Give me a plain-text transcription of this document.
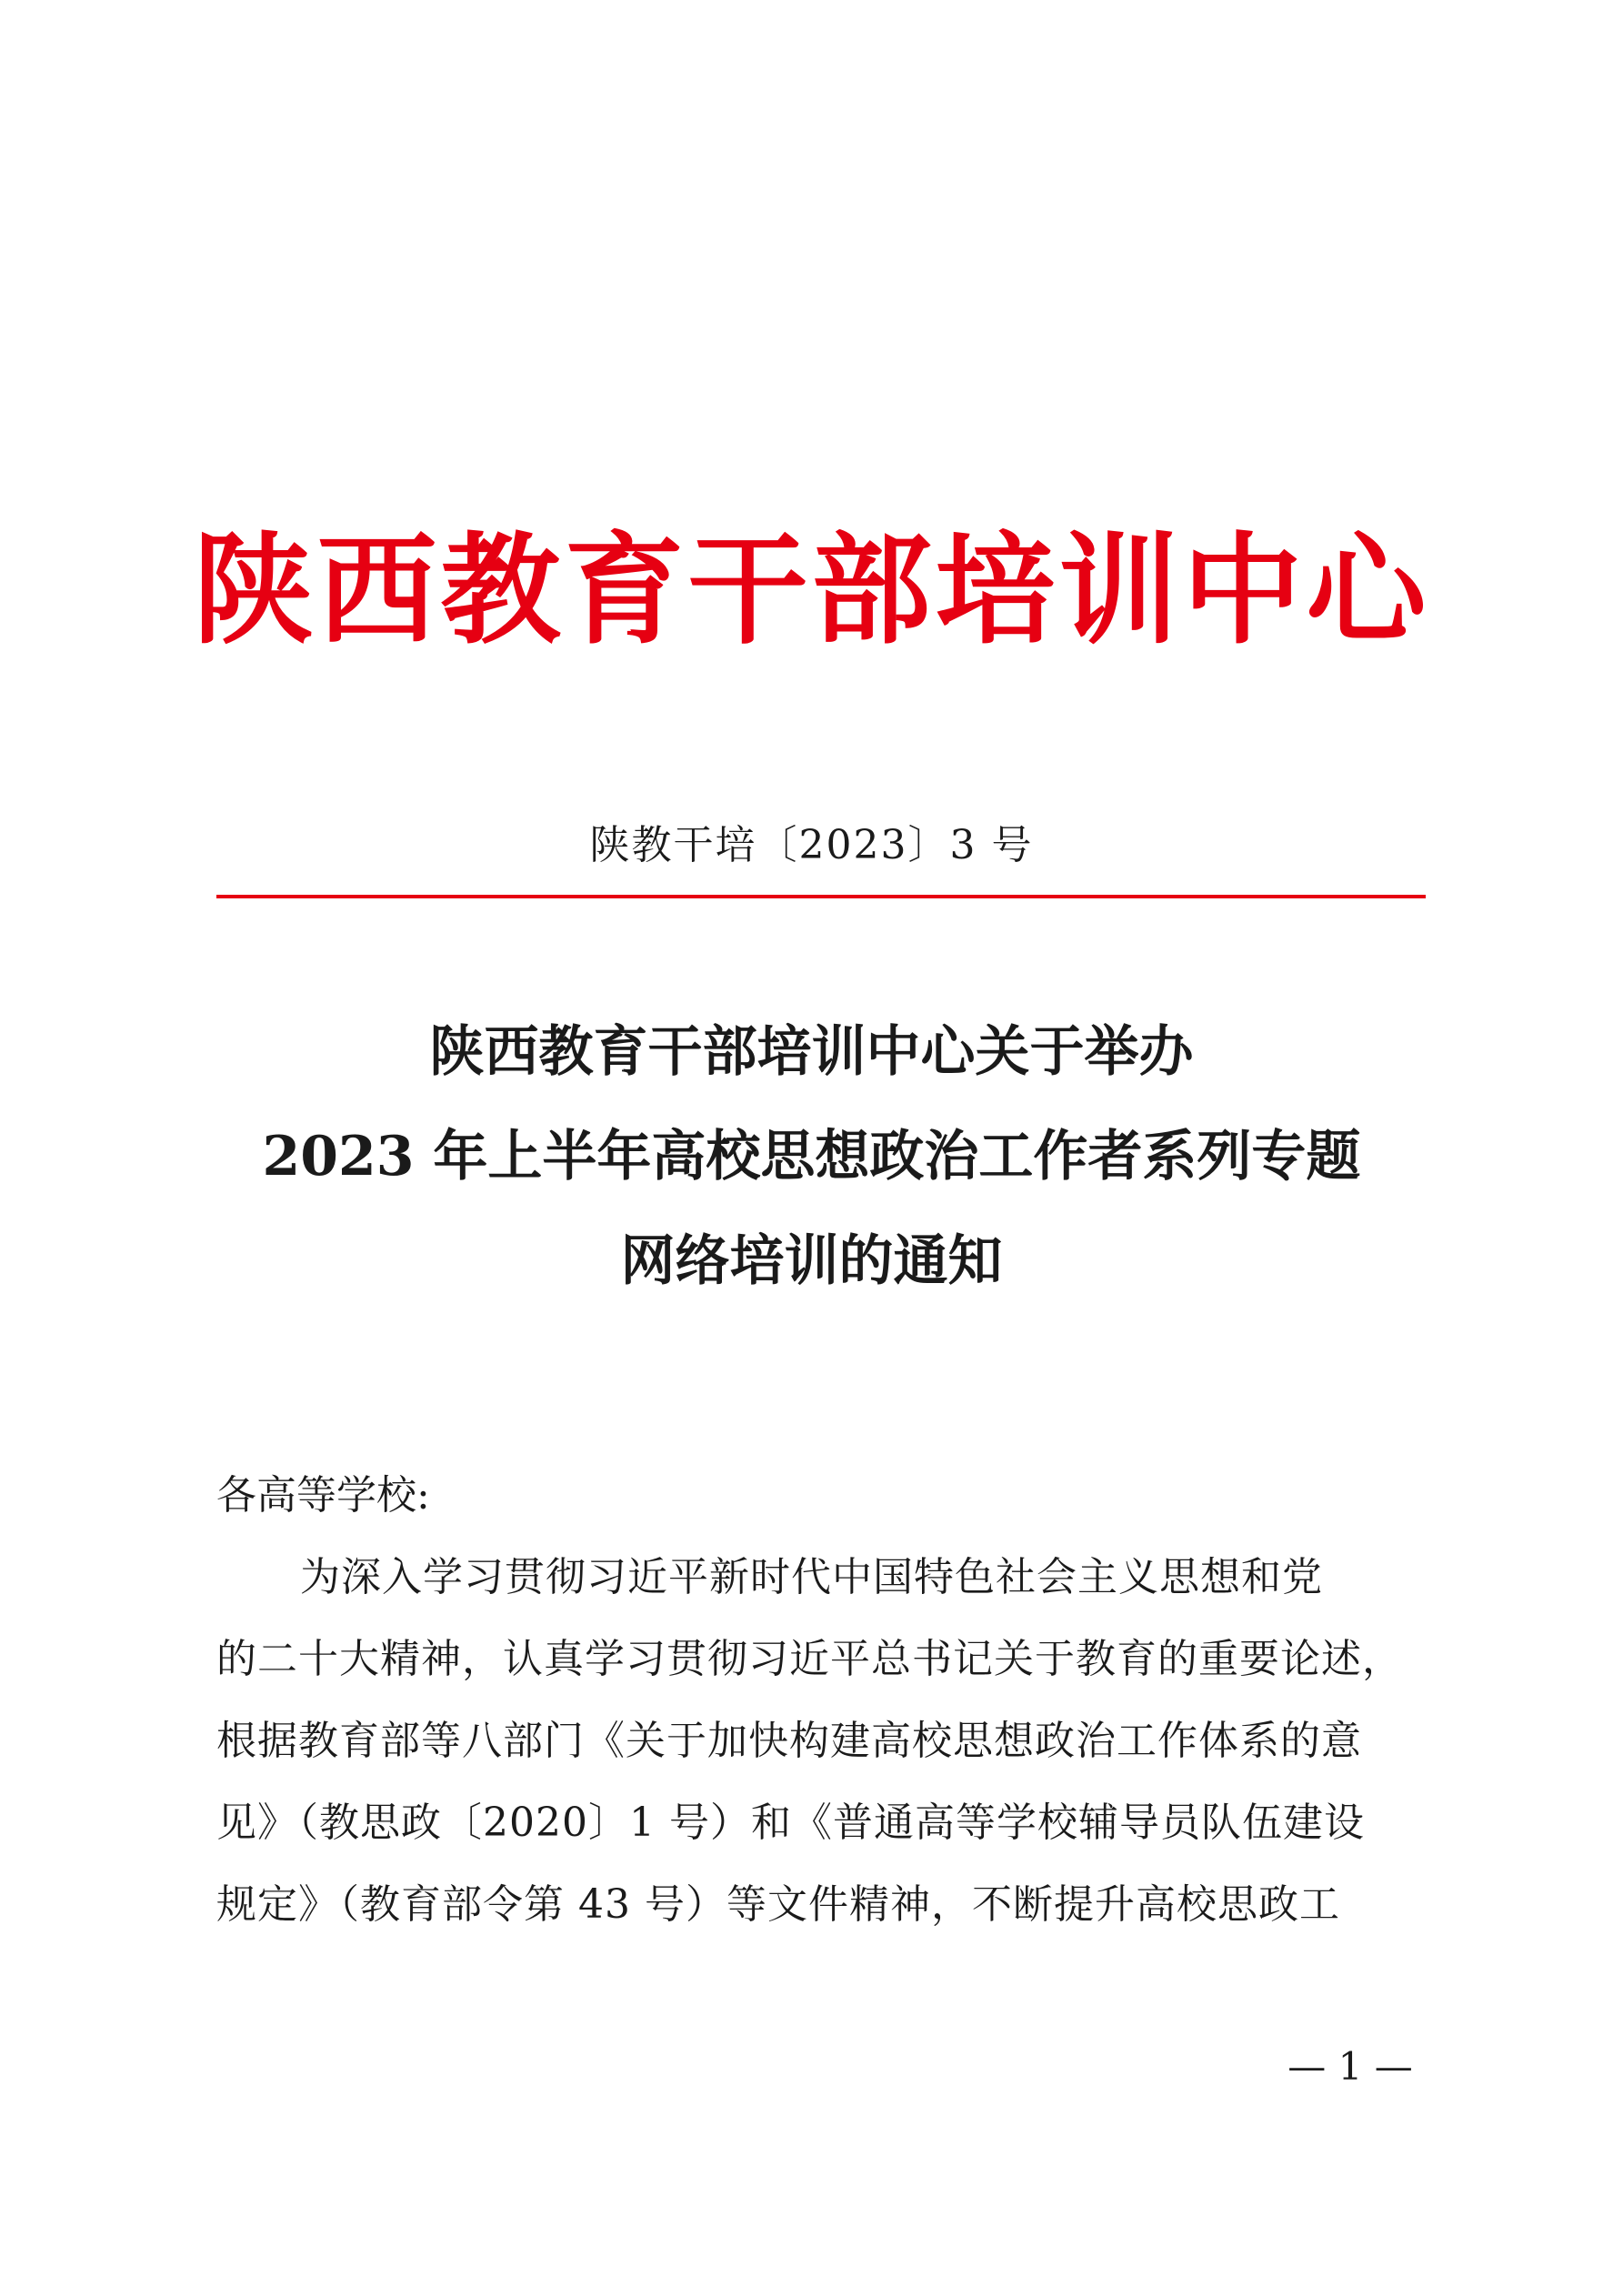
陕西教育干部培训中心
陕教干培〔2023〕3 号
陕西教育干部培训中心关于举办
2023 年上半年高校思想政治工作者系列专题
网络培训的通知
各高等学校:
为深入学习贯彻习近平新时代中国特色社会主义思想和党
的二十大精神，认真学习贯彻习近平总书记关于教育的重要论述，
根据教育部等八部门《关于加快构建高校思想政治工作体系的意
见》（教思政〔2020〕1 号）和《普通高等学校辅导员队伍建设
规定》（教育部令第 43 号）等文件精神，不断提升高校思政工
— 1 —
